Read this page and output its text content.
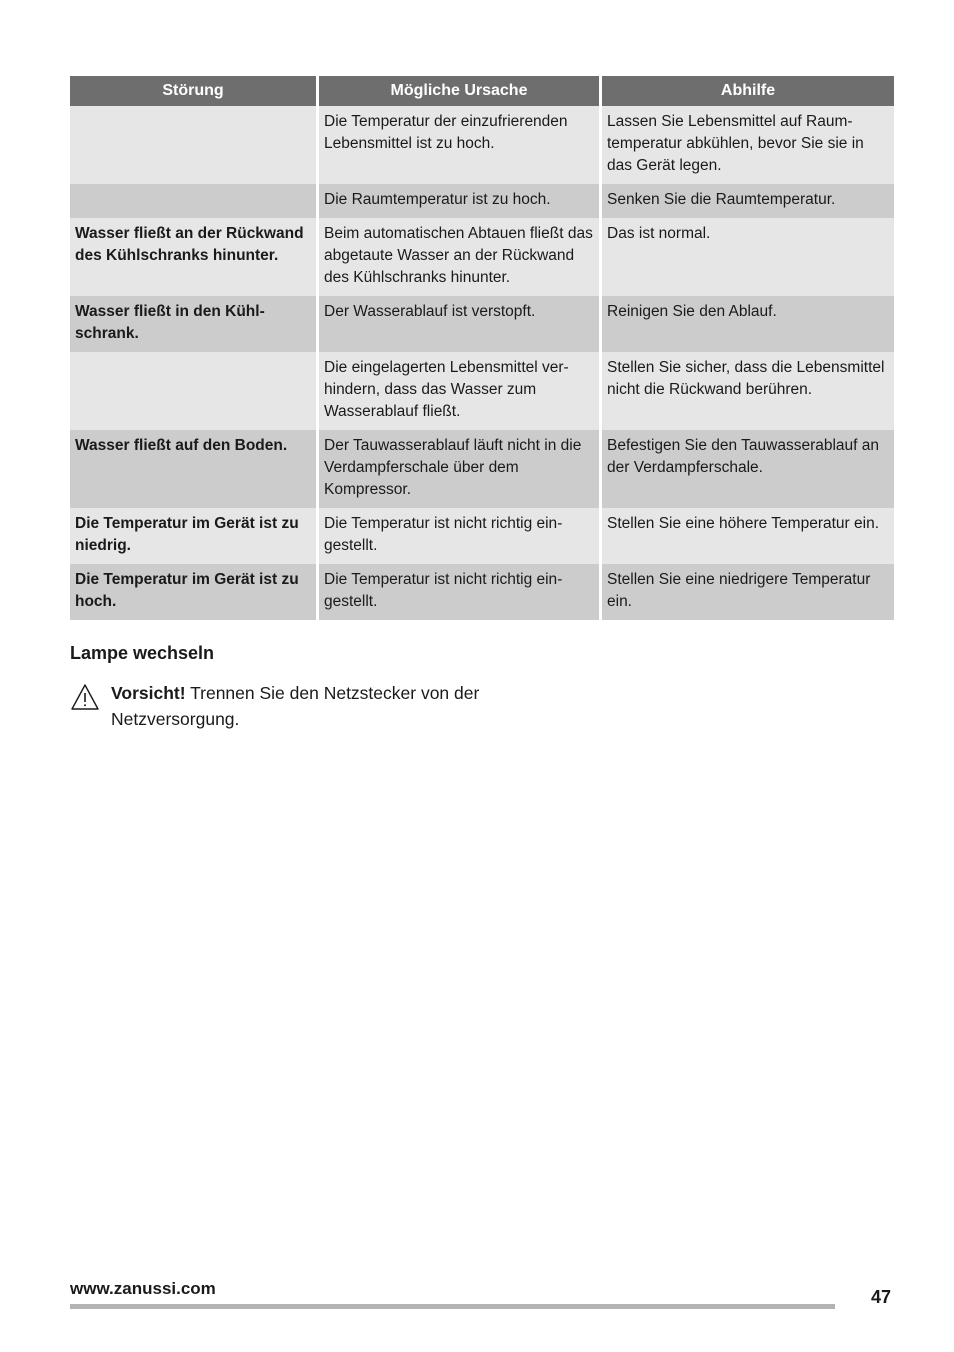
Störung	Mögliche Ursache	Abhilfe
	Die Temperatur der einzufrierenden Lebensmittel ist zu hoch.	Lassen Sie Lebensmittel auf Raumtemperatur abkühlen, bevor Sie sie in das Gerät legen.
	Die Raumtemperatur ist zu hoch.	Senken Sie die Raumtemperatur.
Wasser fließt an der Rückwand des Kühlschranks hinunter.	Beim automatischen Abtauen fließt das abgetaute Wasser an der Rückwand des Kühlschranks hinunter.	Das ist normal.
Wasser fließt in den Kühlschrank.	Der Wasserablauf ist verstopft.	Reinigen Sie den Ablauf.
	Die eingelagerten Lebensmittel verhindern, dass das Wasser zum Wasserablauf fließt.	Stellen Sie sicher, dass die Lebensmittel nicht die Rückwand berühren.
Wasser fließt auf den Boden.	Der Tauwasserablauf läuft nicht in die Verdampferschale über dem Kompressor.	Befestigen Sie den Tauwasserablauf an der Verdampferschale.
Die Temperatur im Gerät ist zu niedrig.	Die Temperatur ist nicht richtig eingestellt.	Stellen Sie eine höhere Temperatur ein.
Die Temperatur im Gerät ist zu hoch.	Die Temperatur ist nicht richtig eingestellt.	Stellen Sie eine niedrigere Temperatur ein.
Lampe wechseln
Vorsicht! Trennen Sie den Netzstecker von der Netzversorgung.
www.zanussi.com	47
